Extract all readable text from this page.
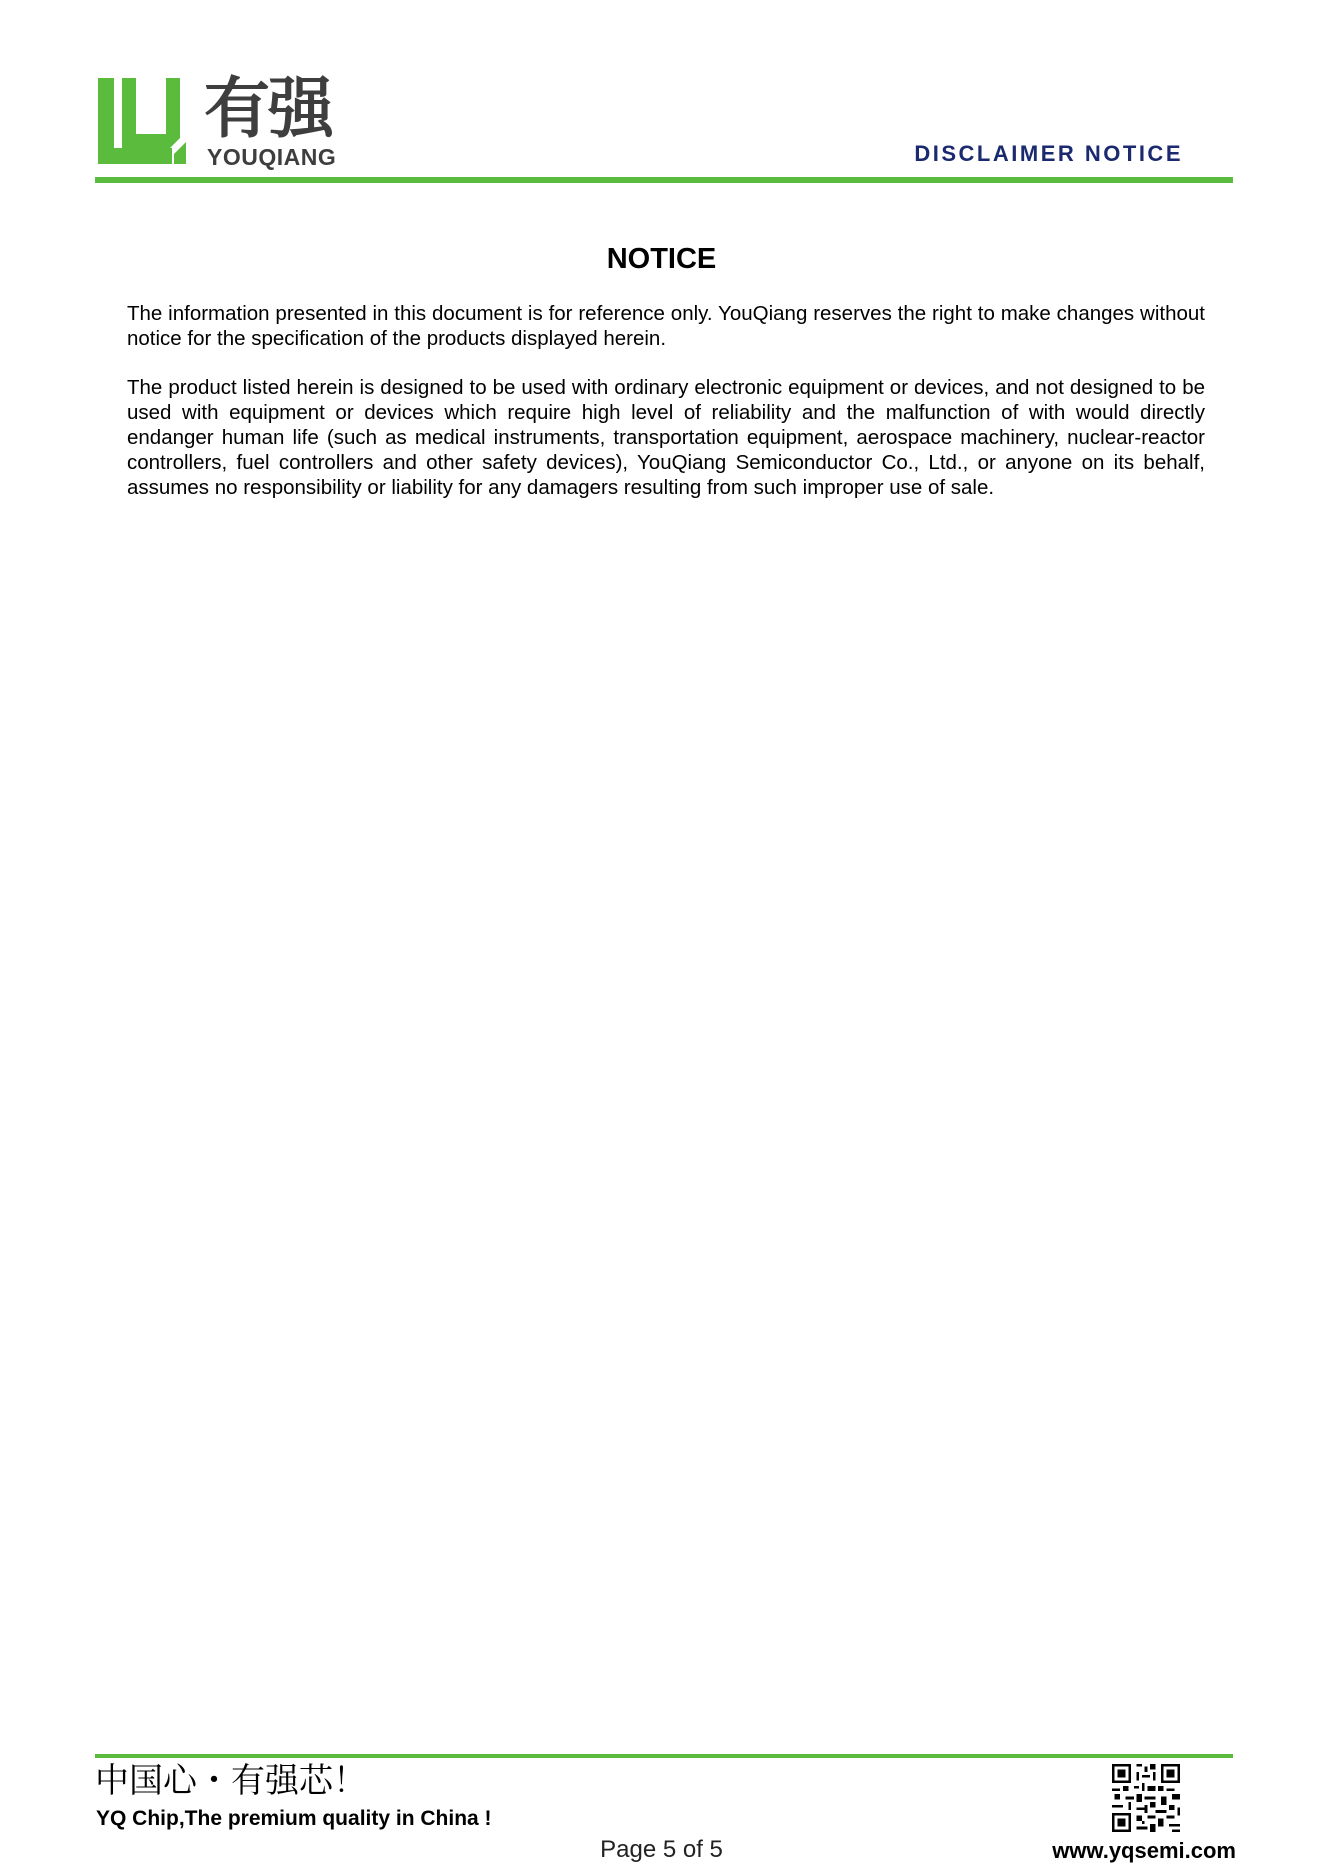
有强
YOUQIANG	DISCLAIMER NOTICE
NOTICE

The information presented in this document is for reference only. YouQiang reserves the right to make changes without notice for the specification of the products displayed herein.

The product listed herein is designed to be used with ordinary electronic equipment or devices, and not designed to be used with equipment or devices which require high level of reliability and the malfunction of with would directly endanger human life (such as medical instruments, transportation equipment, aerospace machinery, nuclear-reactor controllers, fuel controllers and other safety devices), YouQiang Semiconductor Co., Ltd., or anyone on its behalf, assumes no responsibility or liability for any damagers resulting from such improper use of sale.

中国心・有强芯！
YQ Chip,The premium quality in China !
Page 5 of 5	www.yqsemi.com
